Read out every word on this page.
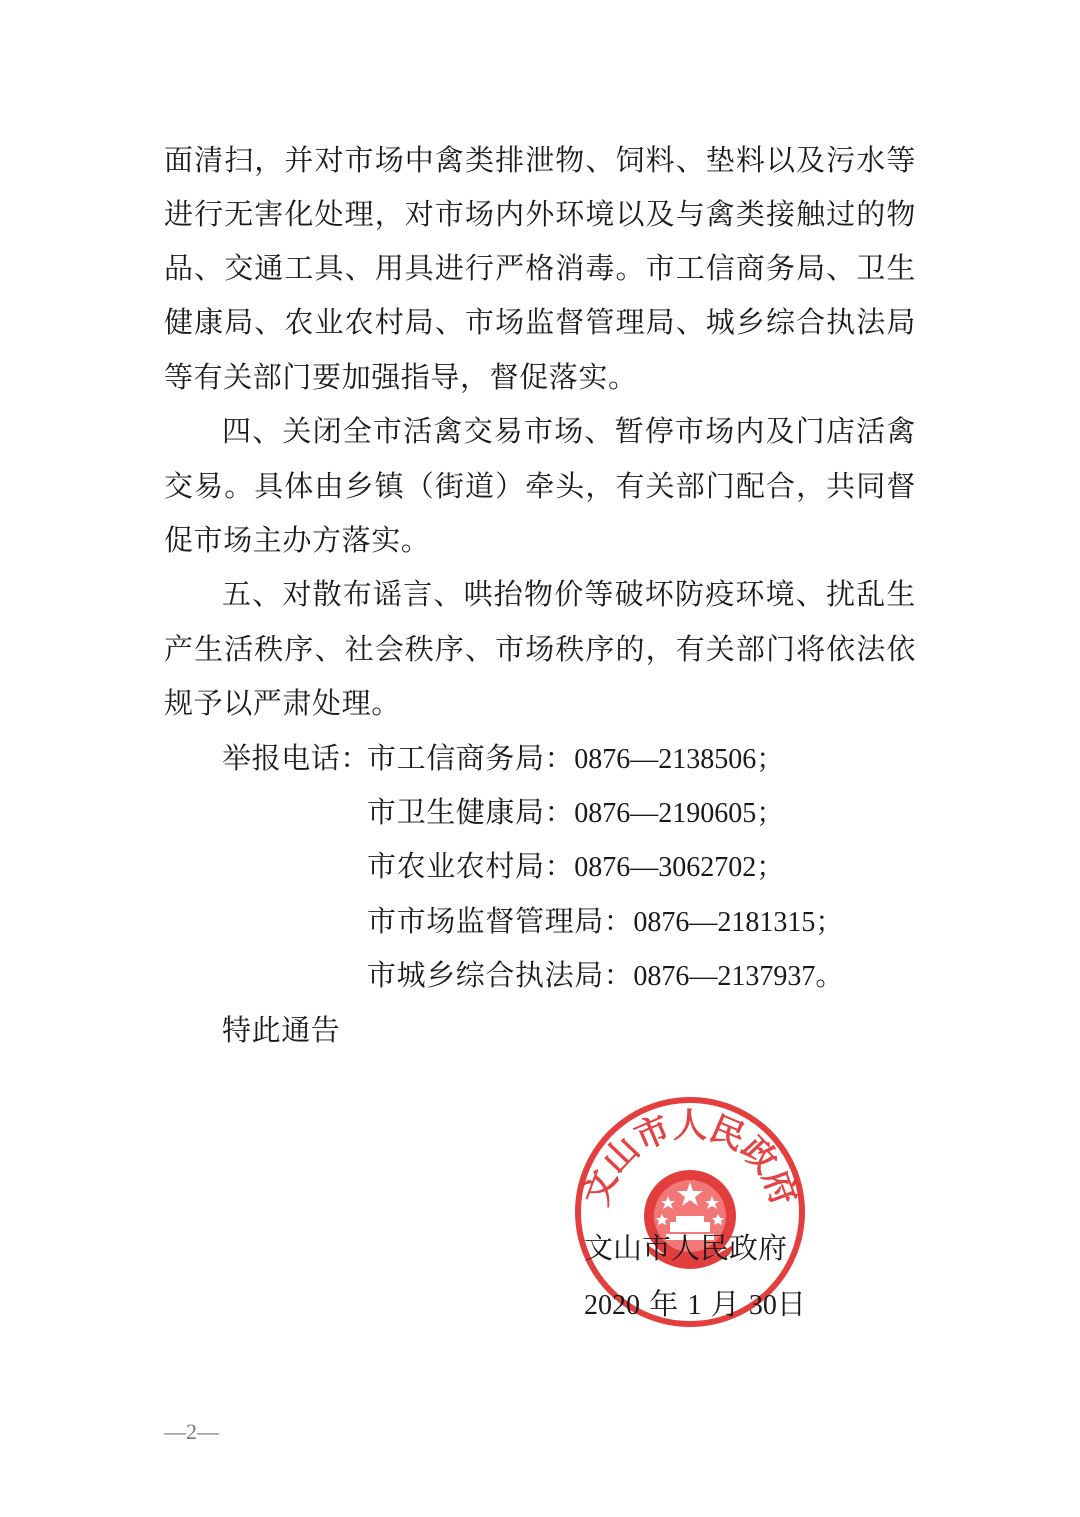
面清扫，并对市场中禽类排泄物、饲料、垫料以及污水等
进行无害化处理，对市场内外环境以及与禽类接触过的物
品、交通工具、用具进行严格消毒。市工信商务局、卫生
健康局、农业农村局、市场监督管理局、城乡综合执法局
等有关部门要加强指导，督促落实。
四、关闭全市活禽交易市场、暂停市场内及门店活禽
交易。具体由乡镇（街道）牵头，有关部门配合，共同督
促市场主办方落实。
五、对散布谣言、哄抬物价等破坏防疫环境、扰乱生
产生活秩序、社会秩序、市场秩序的，有关部门将依法依
规予以严肃处理。
举报电话：
市工信商务局：0876—2138506；
市卫生健康局：0876—2190605；
市农业农村局：0876—3062702；
市市场监督管理局：0876—2181315；
市城乡综合执法局：0876—2137937。
特此通告
文山市人民政府
文山市人民政府
2020 年 1 月 30日
—2—
